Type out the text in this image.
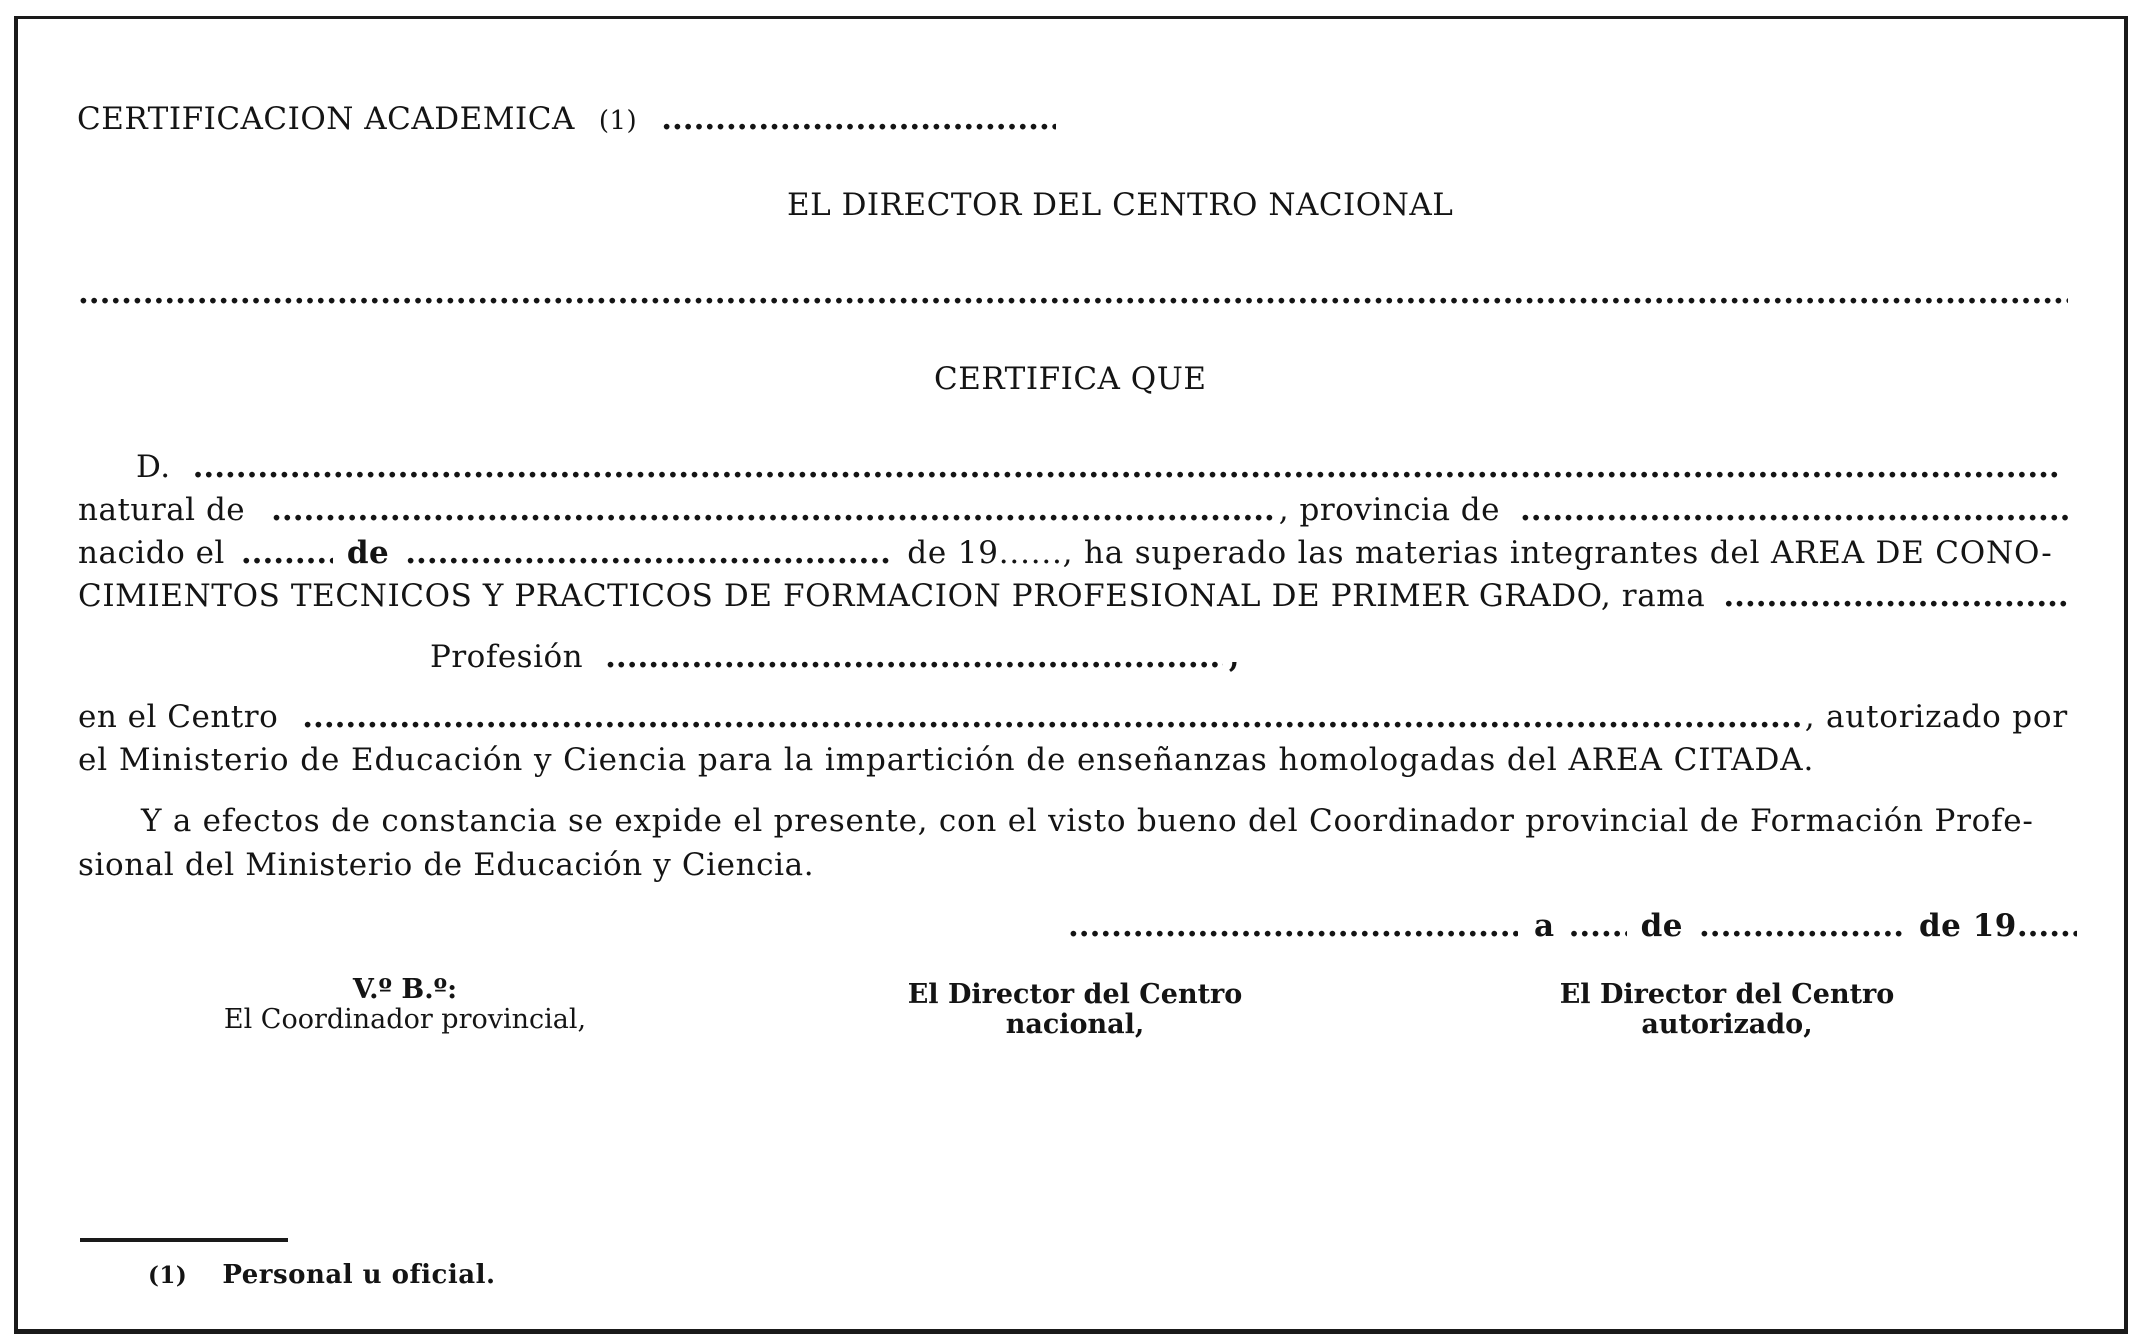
CERTIFICACION ACADEMICA (1)
.....
EL DIRECTOR DEL CENTRO NACIONAL
.....
CERTIFICA QUE
D.
.....
natural de .....	, provincia de
.....
nacido el .....	de .....	de 19......, ha superado las materias integrantes del AREA DE CONO-
CIMIENTOS TECNICOS Y PRACTICOS DE FORMACION PROFESIONAL DE PRIMER GRADO, rama
.....
Profesión .....	,
en el Centro .....	, autorizado por
el Ministerio de Educación y Ciencia para la impartición de enseñanzas homologadas del AREA CITADA.
Y a efectos de constancia se expide el presente, con el visto bueno del Coordinador provincial de Formación Profe-
sional del Ministerio de Educación y Ciencia.
.....
a .....	de .....	de 19
.....
V.º B.º:
El Coordinador provincial,
El Director del Centro
nacional,
El Director del Centro
autorizado,
(1) Personal u oficial.
